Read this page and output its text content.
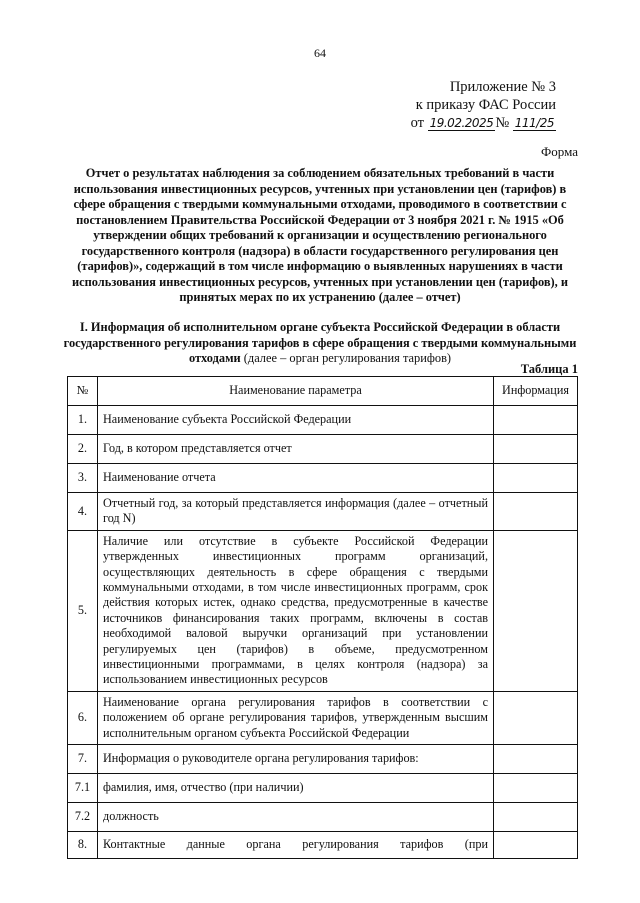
64
Приложение № 3
к приказу ФАС России
от 19.02.2025 № 111/25
Форма
Отчет о результатах наблюдения за соблюдением обязательных требований в части использования инвестиционных ресурсов, учтенных при установлении цен (тарифов) в сфере обращения с твердыми коммунальными отходами, проводимого в соответствии с постановлением Правительства Российской Федерации от 3 ноября 2021 г. № 1915 «Об утверждении общих требований к организации и осуществлению регионального государственного контроля (надзора) в области государственного регулирования цен (тарифов)», содержащий в том числе информацию о выявленных нарушениях в части использования инвестиционных ресурсов, учтенных при установлении цен (тарифов), и принятых мерах по их устранению (далее – отчет)
I. Информация об исполнительном органе субъекта Российской Федерации в области государственного регулирования тарифов в сфере обращения с твердыми коммунальными отходами (далее – орган регулирования тарифов)
Таблица 1
№	Наименование параметра	Информация
1.	Наименование субъекта Российской Федерации	
2.	Год, в котором представляется отчет	
3.	Наименование отчета	
4.	Отчетный год, за который представляется информация (далее – отчетный год N)	
5.	Наличие или отсутствие в субъекте Российской Федерации утвержденных инвестиционных программ организаций, осуществляющих деятельность в сфере обращения с твердыми коммунальными отходами, в том числе инвестиционных программ, срок действия которых истек, однако средства, предусмотренные в качестве источников финансирования таких программ, включены в состав необходимой валовой выручки организаций при установлении регулируемых цен (тарифов) в объеме, предусмотренном инвестиционными программами, в целях контроля (надзора) за использованием инвестиционных ресурсов	
6.	Наименование органа регулирования тарифов в соответствии с положением об органе регулирования тарифов, утвержденным высшим исполнительным органом субъекта Российской Федерации	
7.	Информация о руководителе органа регулирования тарифов:	
7.1	фамилия, имя, отчество (при наличии)	
7.2	должность	
8.	Контактные данные органа регулирования тарифов (при	
